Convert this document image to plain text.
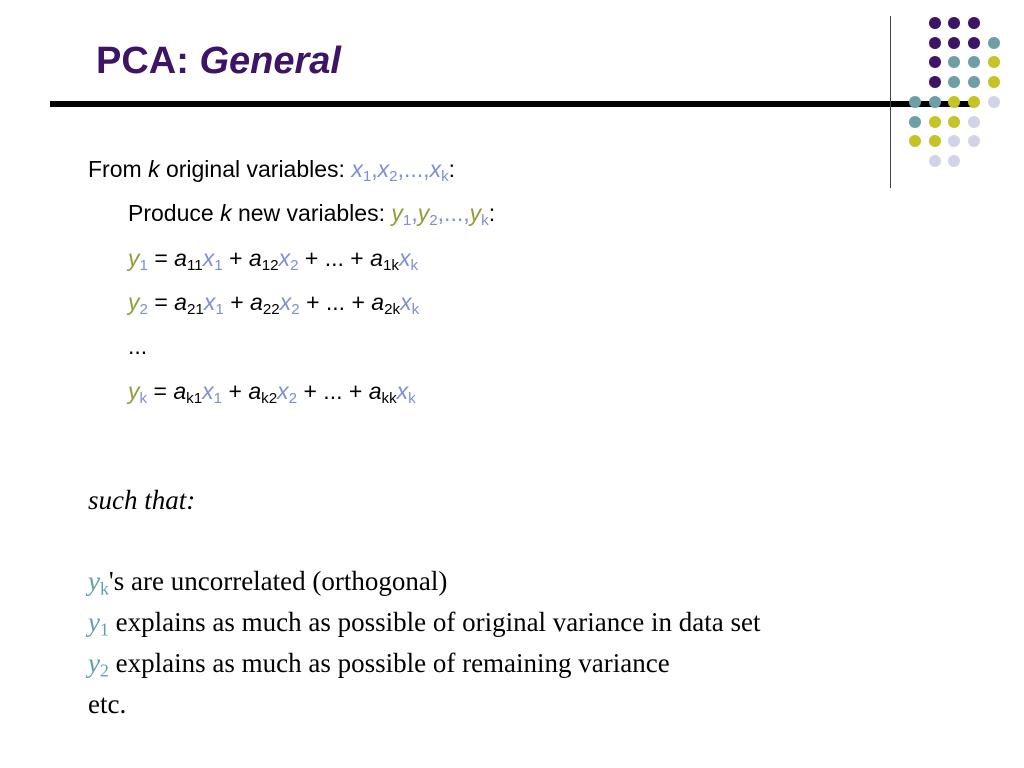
PCA: General
From k original variables: $x_1,x_2,...,x_k$:
Produce k new variables: $y_1,y_2,...,y_k$:
$y_1 = a_{11}x_1 + a_{12}x_2$ + ... + $a_{1k}x_k$
$y_2 = a_{21}x_1 + a_{22}x_2$ + ... + $a_{2k}x_k$
...
$y_k = a_{k1}x_1 + a_{k2}x_2$ + ... + $a_{kk}x_k$
such that:
$y_k's$ are uncorrelated (orthogonal)
$y_1$ explains as much as possible of original variance in data set
$y_2$ explains as much as possible of remaining variance
etc.
